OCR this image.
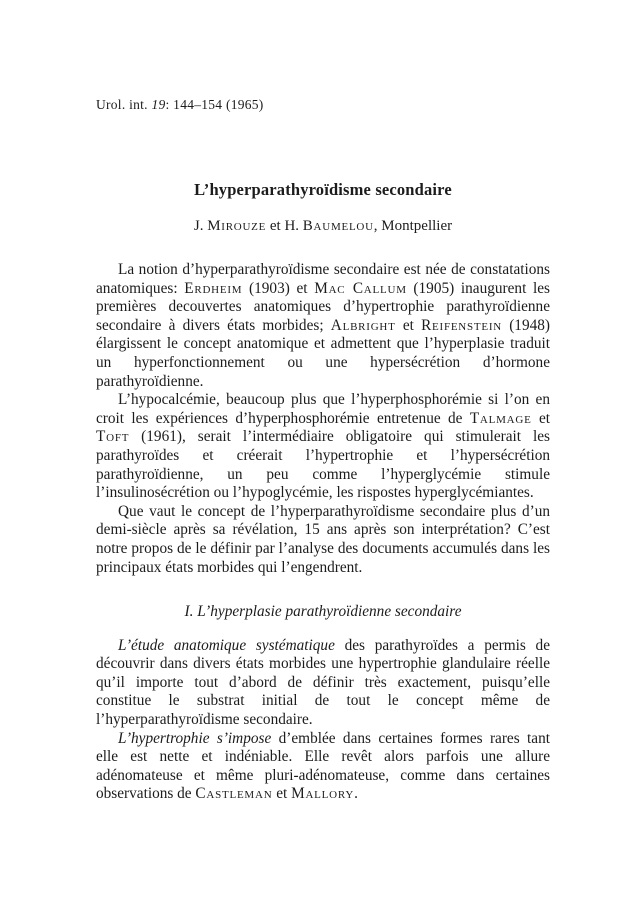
Urol. int. 19: 144–154 (1965)
L’hyperparathyroïdisme secondaire
J. Mirouze et H. Baumelou, Montpellier

La notion d’hyperparathyroïdisme secondaire est née de constatations anatomiques: Erdheim (1903) et Mac Callum (1905) inaugurent les premières decouvertes anatomiques d’hypertrophie parathyroïdienne secondaire à divers états morbides; Albright et Reifenstein (1948) élargissent le concept anatomique et admettent que l’hyperplasie traduit un hyperfonctionnement ou une hypersécrétion d’hormone parathyroïdienne.

L’hypocalcémie, beaucoup plus que l’hyperphosphorémie si l’on en croit les expériences d’hyperphosphorémie entretenue de Talmage et Toft (1961), serait l’intermédiaire obligatoire qui stimulerait les parathyroïdes et créerait l’hypertrophie et l’hypersécrétion parathyroïdienne, un peu comme l’hyperglycémie stimule l’insulinosécrétion ou l’hypoglycémie, les rispostes hyperglycémiantes.

Que vaut le concept de l’hyperparathyroïdisme secondaire plus d’un demi-siècle après sa révélation, 15 ans après son interprétation? C’est notre propos de le définir par l’analyse des documents accumulés dans les principaux états morbides qui l’engendrent.

I. L’hyperplasie parathyroïdienne secondaire

L’étude anatomique systématique des parathyroïdes a permis de découvrir dans divers états morbides une hypertrophie glandulaire réelle qu’il importe tout d’abord de définir très exactement, puisqu’elle constitue le substrat initial de tout le concept même de l’hyperparathyroïdisme secondaire.

L’hypertrophie s’impose d’emblée dans certaines formes rares tant elle est nette et indéniable. Elle revêt alors parfois une allure adénomateuse et même pluri-adénomateuse, comme dans certaines observations de Castleman et Mallory.
